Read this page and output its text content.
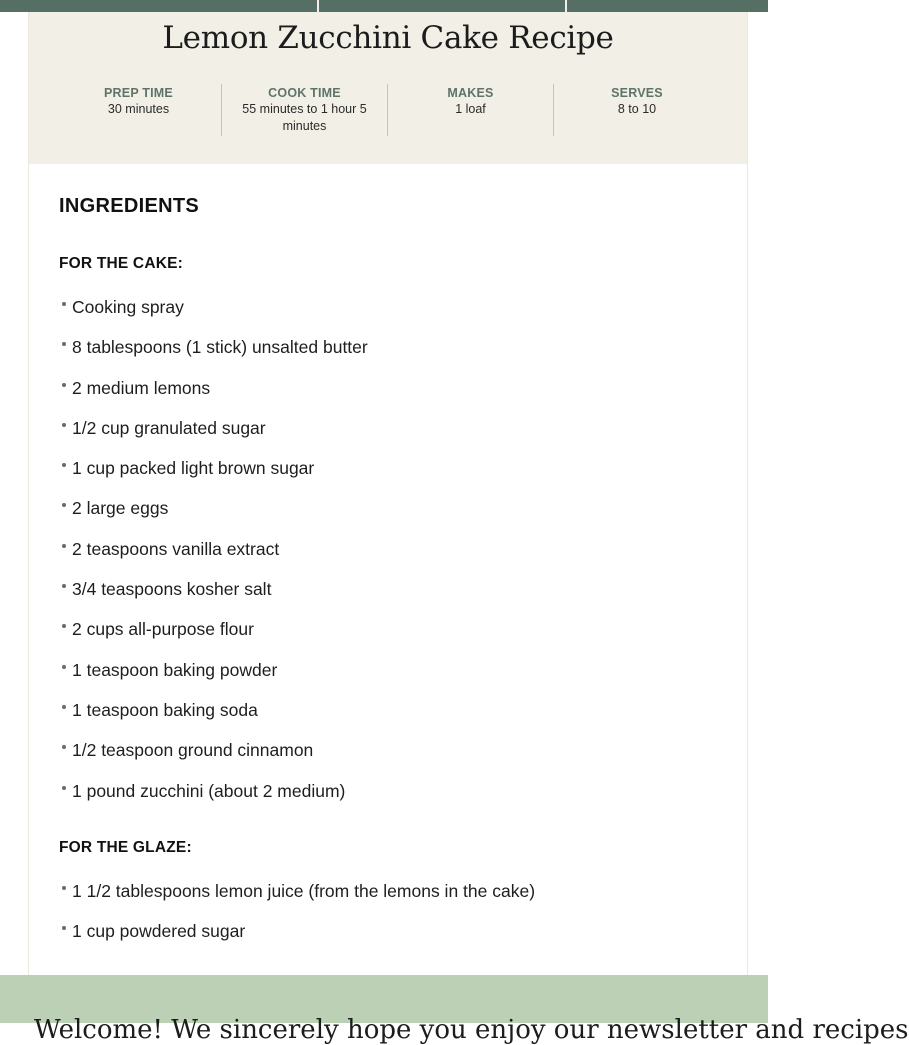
Lemon Zucchini Cake Recipe
PREP TIME
30 minutes
COOK TIME
55 minutes to 1 hour 5 minutes
MAKES
1 loaf
SERVES
8 to 10
INGREDIENTS
FOR THE CAKE:
Cooking spray
8 tablespoons (1 stick) unsalted butter
2 medium lemons
1/2 cup granulated sugar
1 cup packed light brown sugar
2 large eggs
2 teaspoons vanilla extract
3/4 teaspoons kosher salt
2 cups all-purpose flour
1 teaspoon baking powder
1 teaspoon baking soda
1/2 teaspoon ground cinnamon
1 pound zucchini (about 2 medium)
FOR THE GLAZE:
1 1/2 tablespoons lemon juice (from the lemons in the cake)
1 cup powdered sugar
Welcome! We sincerely hope you enjoy our newsletter and recipes
